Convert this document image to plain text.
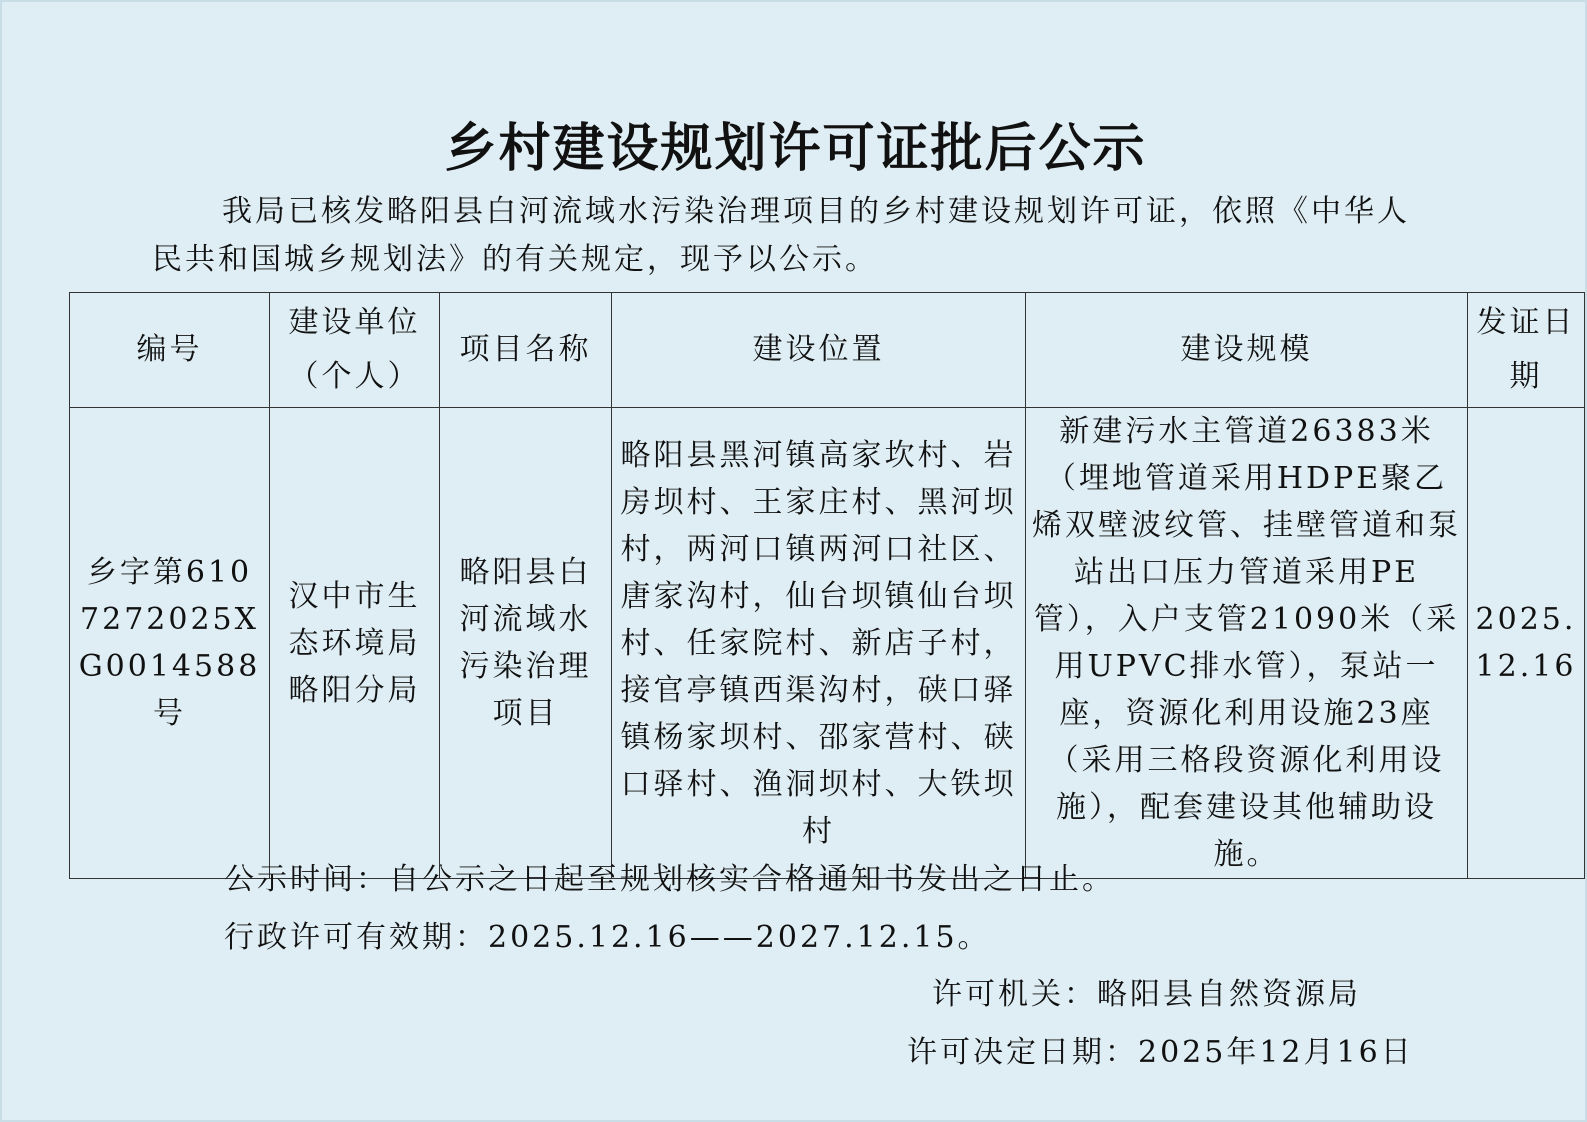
乡村建设规划许可证批后公示
我局已核发略阳县白河流域水污染治理项目的乡村建设规划许可证，依照《中华人民共和国城乡规划法》的有关规定，现予以公示。
编号	建设单位（个人）	项目名称	建设位置	建设规模	发证日期
乡字第6107272025XG0014588号	汉中市生态环境局略阳分局	略阳县白河流域水污染治理项目	略阳县黑河镇高家坎村、岩房坝村、王家庄村、黑河坝村，两河口镇两河口社区、唐家沟村，仙台坝镇仙台坝村、任家院村、新店子村，接官亭镇西渠沟村，硖口驿镇杨家坝村、邵家营村、硖口驿村、渔洞坝村、大铁坝村	新建污水主管道26383米（埋地管道采用HDPE聚乙烯双壁波纹管、挂壁管道和泵站出口压力管道采用PE管），入户支管21090米（采用UPVC排水管），泵站一座，资源化利用设施23座（采用三格段资源化利用设施），配套建设其他辅助设施。	2025.12.16
公示时间：自公示之日起至规划核实合格通知书发出之日止。
行政许可有效期：2025.12.16——2027.12.15。
许可机关：略阳县自然资源局
许可决定日期：2025年12月16日
